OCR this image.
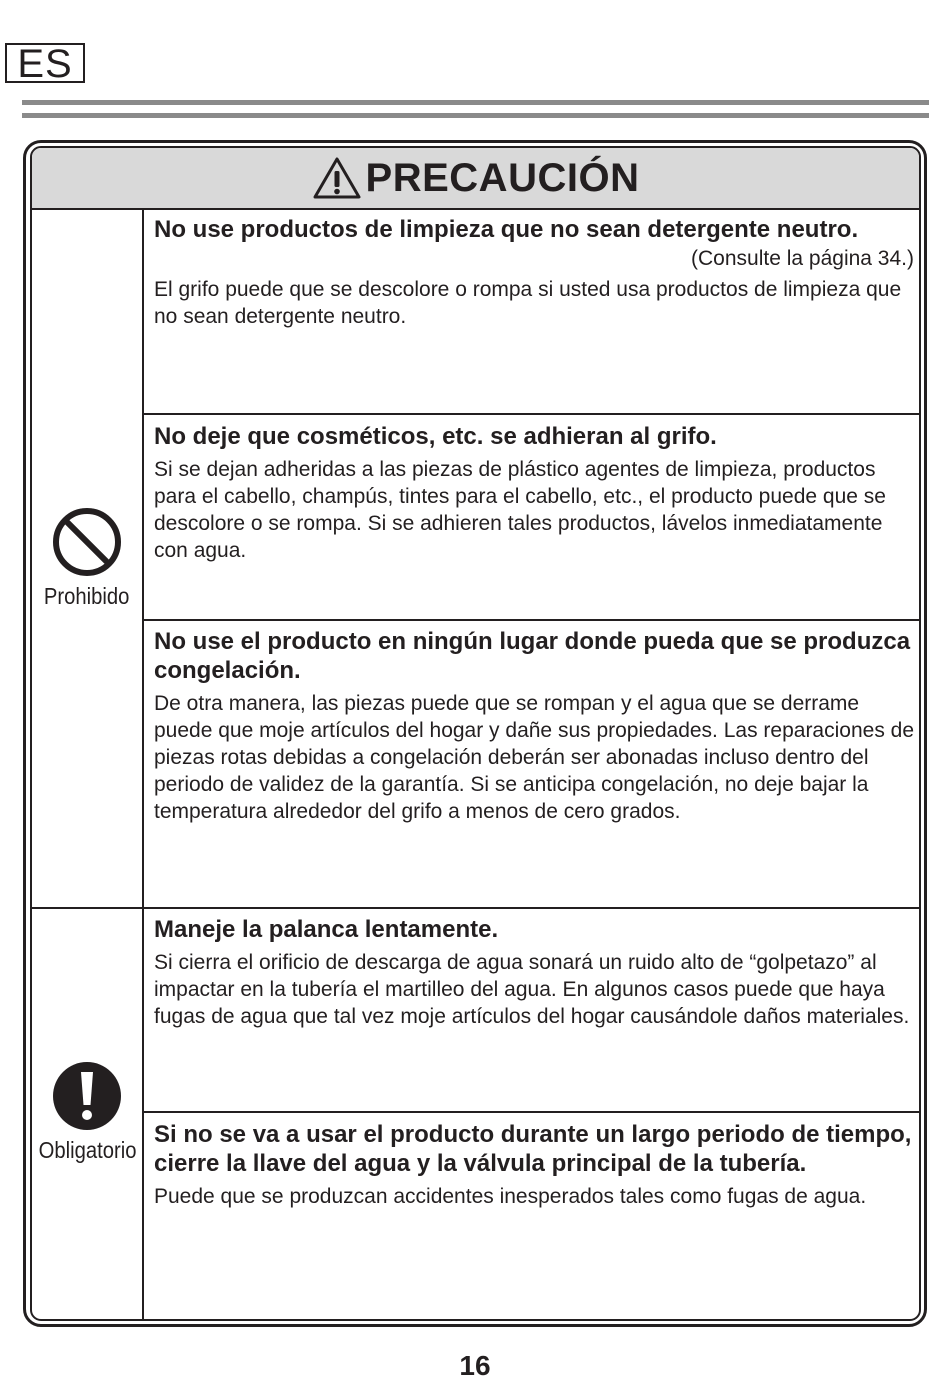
ES
PRECAUCIÓN
Prohibido
Obligatorio

No use productos de limpieza que no sean detergente neutro.

(Consulte la página 34.)

El grifo puede que se descolore o rompa si usted usa productos de limpieza que no sean detergente neutro.

No deje que cosméticos, etc. se adhieran al grifo.

Si se dejan adheridas a las piezas de plástico agentes de limpieza, productos para el cabello, champús, tintes para el cabello, etc., el producto puede que se descolore o se rompa. Si se adhieren tales productos, lávelos inmediatamente con agua.

No use el producto en ningún lugar donde pueda que se produzca congelación.

De otra manera, las piezas puede que se rompan y el agua que se derrame puede que moje artículos del hogar y dañe sus propiedades. Las reparaciones de piezas rotas debidas a congelación deberán ser abonadas incluso dentro del periodo de validez de la garantía. Si se anticipa congelación, no deje bajar la temperatura alrededor del grifo a menos de cero grados.

Maneje la palanca lentamente.

Si cierra el orificio de descarga de agua sonará un ruido alto de “golpetazo” al impactar en la tubería el martilleo del agua. En algunos casos puede que haya fugas de agua que tal vez moje artículos del hogar causándole daños materiales.

Si no se va a usar el producto durante un largo periodo de tiempo, cierre la llave del agua y la válvula principal de la tubería.

Puede que se produzcan accidentes inesperados tales como fugas de agua.

16
